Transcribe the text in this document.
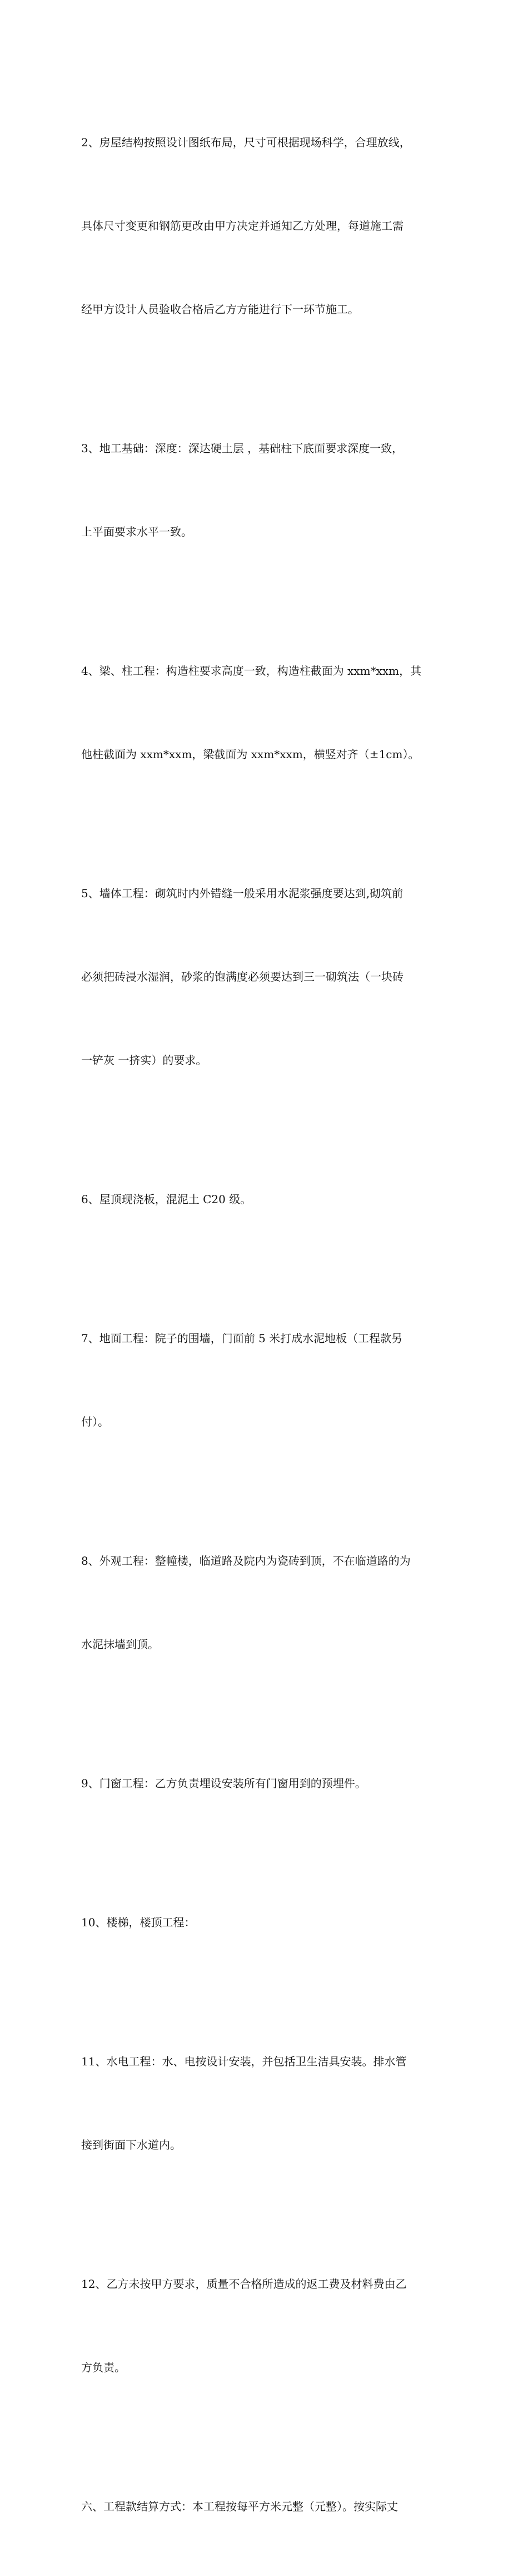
2、房屋结构按照设计图纸布局，尺寸可根据现场科学，合理放线，

具体尺寸变更和钢筋更改由甲方决定并通知乙方处理，每道施工需

经甲方设计人员验收合格后乙方方能进行下一环节施工。

3、地工基础：深度：深达硬土层 ，基础柱下底面要求深度一致，

上平面要求水平一致。

4、梁、柱工程：构造柱要求高度一致，构造柱截面为 xxm*xxm，其

他柱截面为 xxm*xxm，梁截面为 xxm*xxm，横竖对齐（±1cm）。

5、墙体工程：砌筑时内外错缝一般采用水泥浆强度要达到,砌筑前

必须把砖浸水湿润，砂浆的饱满度必须要达到三一砌筑法（一块砖

一铲灰 一挤实）的要求。

6、屋顶现浇板，混泥土 C20 级。

7、地面工程：院子的围墙，门面前 5 米打成水泥地板（工程款另

付）。

8、外观工程：整幢楼，临道路及院内为瓷砖到顶，不在临道路的为

水泥抹墙到顶。

9、门窗工程：乙方负责埋设安装所有门窗用到的预埋件。

10、楼梯，楼顶工程：

11、水电工程：水、电按设计安装，并包括卫生洁具安装。排水管

接到街面下水道内。

12、乙方未按甲方要求，质量不合格所造成的返工费及材料费由乙

方负责。

六、工程款结算方式：本工程按每平方米元整（元整）。按实际丈
